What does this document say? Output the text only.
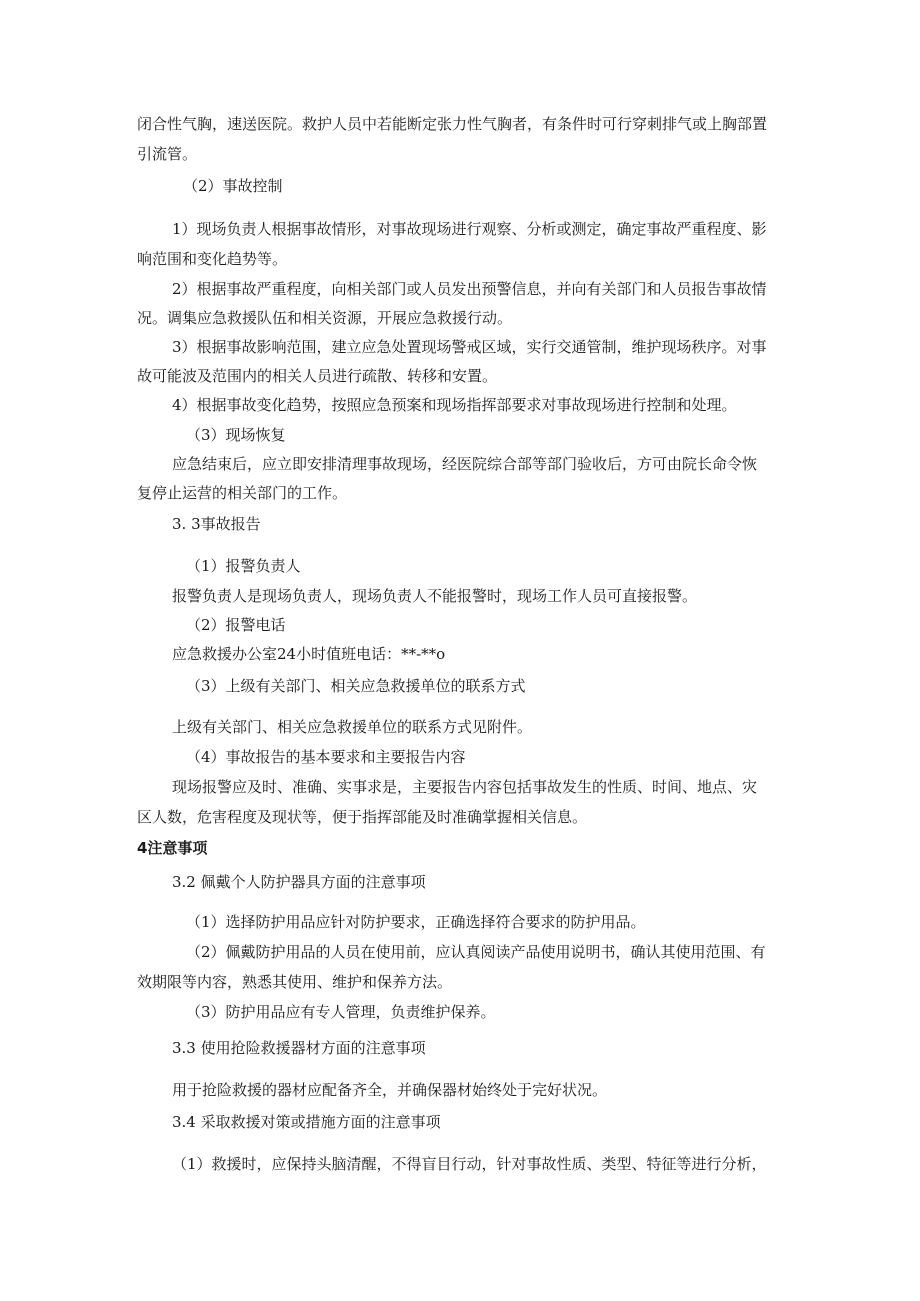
闭合性气胸，速送医院。救护人员中若能断定张力性气胸者，有条件时可行穿刺排气或上胸部置
引流管。
（2）事故控制
1）现场负责人根据事故情形，对事故现场进行观察、分析或测定，确定事故严重程度、影
响范围和变化趋势等。
2）根据事故严重程度，向相关部门或人员发出预警信息，并向有关部门和人员报告事故情
况。调集应急救援队伍和相关资源，开展应急救援行动。
3）根据事故影响范围，建立应急处置现场警戒区域，实行交通管制，维护现场秩序。对事
故可能波及范围内的相关人员进行疏散、转移和安置。
4）根据事故变化趋势，按照应急预案和现场指挥部要求对事故现场进行控制和处理。
（3）现场恢复
应急结束后，应立即安排清理事故现场，经医院综合部等部门验收后，方可由院长命令恢
复停止运营的相关部门的工作。
3. 3事故报告
（1）报警负责人
报警负责人是现场负责人，现场负责人不能报警时，现场工作人员可直接报警。
（2）报警电话
应急救援办公室24小时值班电话：**-**o
（3）上级有关部门、相关应急救援单位的联系方式
上级有关部门、相关应急救援单位的联系方式见附件。
（4）事故报告的基本要求和主要报告内容
现场报警应及时、准确、实事求是，主要报告内容包括事故发生的性质、时间、地点、灾
区人数，危害程度及现状等，便于指挥部能及时准确掌握相关信息。
4注意事项
3.2 佩戴个人防护器具方面的注意事项
（1）选择防护用品应针对防护要求，正确选择符合要求的防护用品。
（2）佩戴防护用品的人员在使用前，应认真阅读产品使用说明书，确认其使用范围、有
效期限等内容，熟悉其使用、维护和保养方法。
（3）防护用品应有专人管理，负责维护保养。
3.3 使用抢险救援器材方面的注意事项
用于抢险救援的器材应配备齐全，并确保器材始终处于完好状况。
3.4 采取救援对策或措施方面的注意事项
（1）救援时，应保持头脑清醒，不得盲目行动，针对事故性质、类型、特征等进行分析，
